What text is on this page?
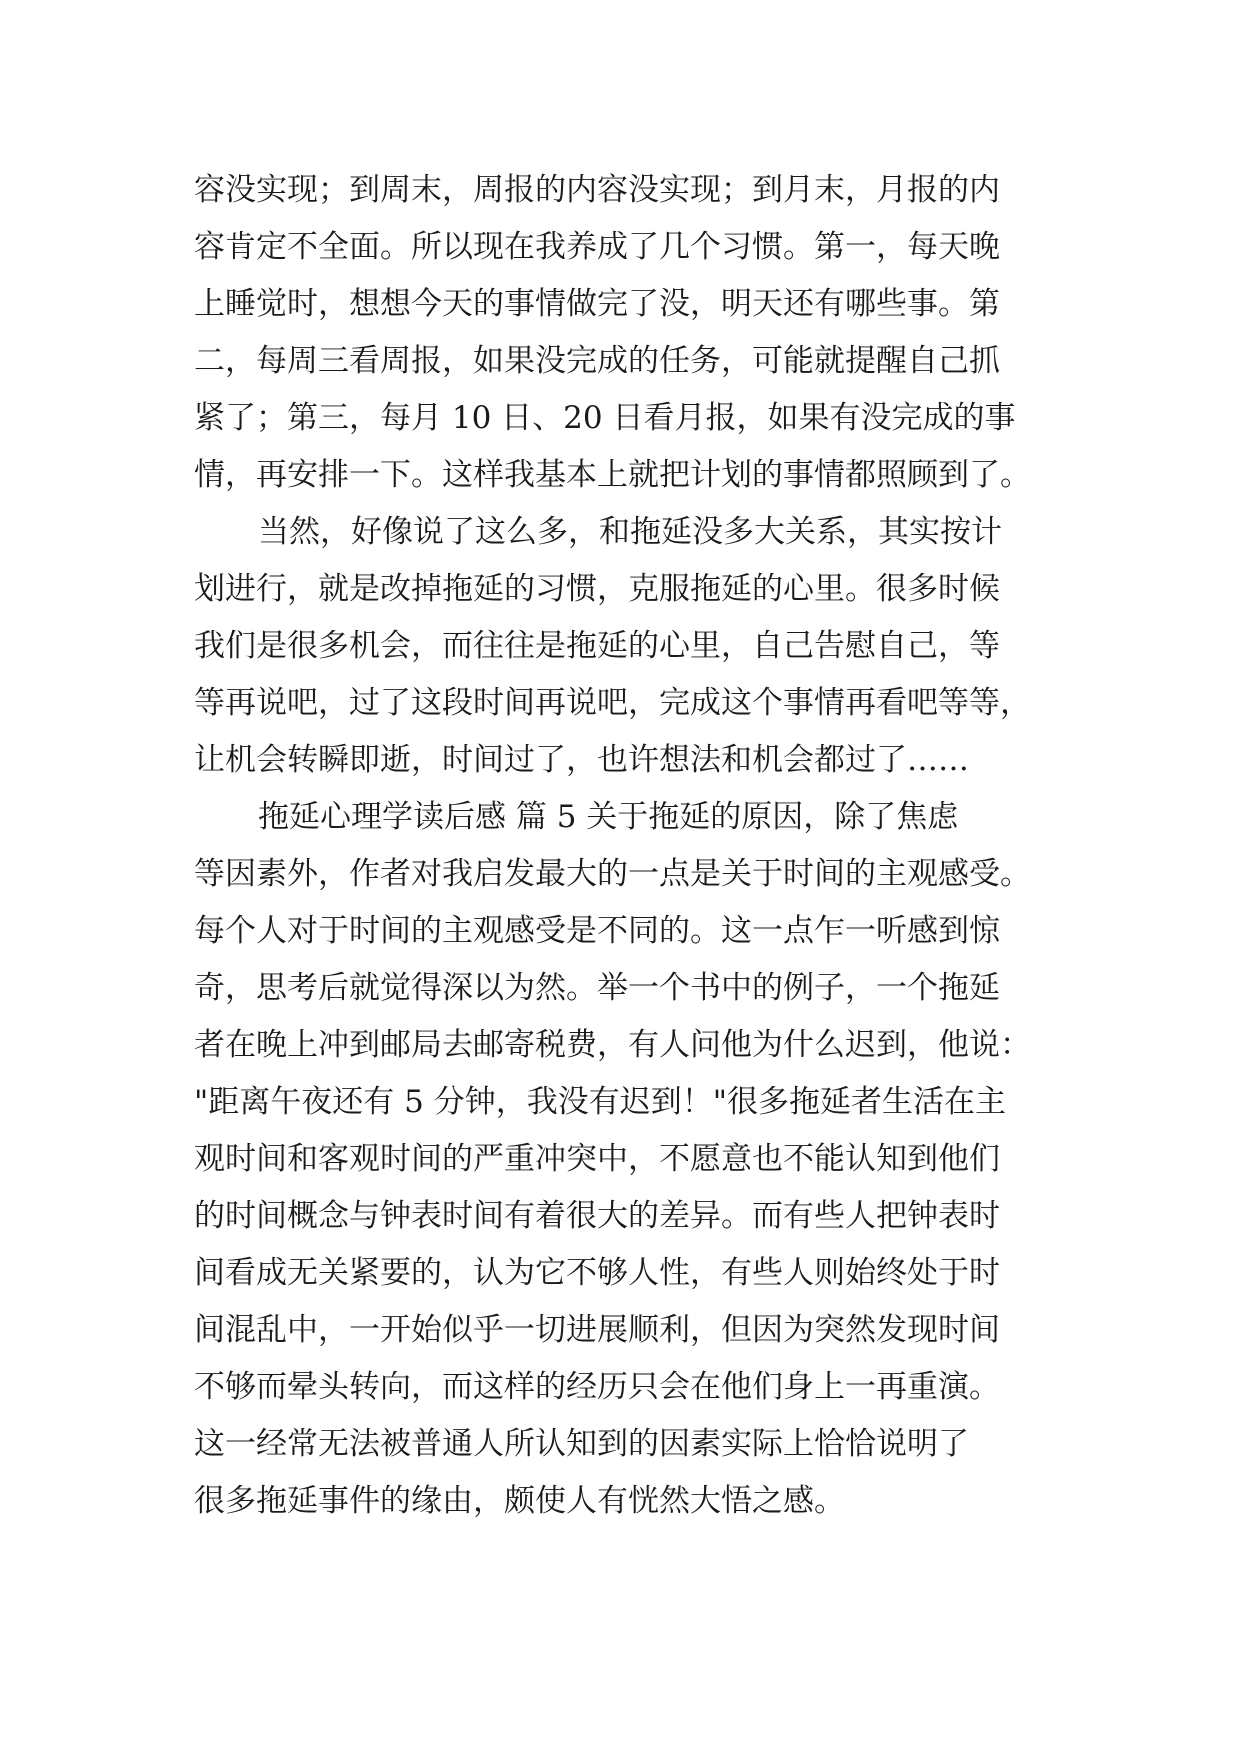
容没实现；到周末，周报的内容没实现；到月末，月报的内
容肯定不全面。所以现在我养成了几个习惯。第一，每天晚
上睡觉时，想想今天的事情做完了没，明天还有哪些事。第
二，每周三看周报，如果没完成的任务，可能就提醒自己抓
紧了；第三，每月 10 日、20 日看月报，如果有没完成的事
情，再安排一下。这样我基本上就把计划的事情都照顾到了。
当然，好像说了这么多，和拖延没多大关系，其实按计
划进行，就是改掉拖延的习惯，克服拖延的心里。很多时候
我们是很多机会，而往往是拖延的心里，自己告慰自己，等
等再说吧，过了这段时间再说吧，完成这个事情再看吧等等，
让机会转瞬即逝，时间过了，也许想法和机会都过了……
拖延心理学读后感 篇 5 关于拖延的原因，除了焦虑
等因素外，作者对我启发最大的一点是关于时间的主观感受。
每个人对于时间的主观感受是不同的。这一点乍一听感到惊
奇，思考后就觉得深以为然。举一个书中的例子，一个拖延
者在晚上冲到邮局去邮寄税费，有人问他为什么迟到，他说：
"距离午夜还有 5 分钟，我没有迟到！"很多拖延者生活在主
观时间和客观时间的严重冲突中，不愿意也不能认知到他们
的时间概念与钟表时间有着很大的差异。而有些人把钟表时
间看成无关紧要的，认为它不够人性，有些人则始终处于时
间混乱中，一开始似乎一切进展顺利，但因为突然发现时间
不够而晕头转向，而这样的经历只会在他们身上一再重演。
这一经常无法被普通人所认知到的因素实际上恰恰说明了
很多拖延事件的缘由，颇使人有恍然大悟之感。
